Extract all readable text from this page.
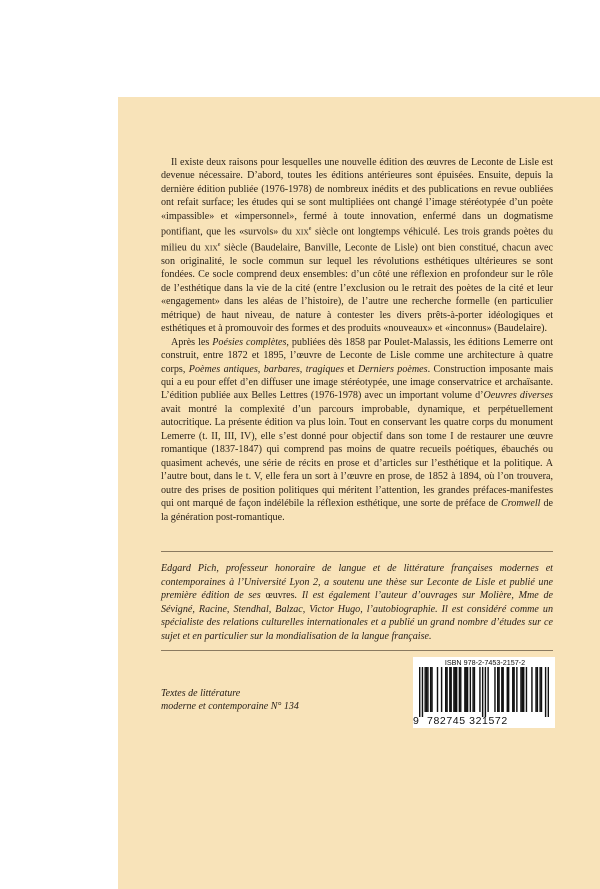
Il existe deux raisons pour lesquelles une nouvelle édition des œuvres de Leconte de Lisle est devenue nécessaire. D’abord, toutes les éditions antérieures sont épuisées. Ensuite, depuis la dernière édition publiée (1976-1978) de nombreux inédits et des publications en revue oubliées ont refait surface; les études qui se sont multipliées ont changé l’image stéréotypée d’un poète «impassible» et «impersonnel», fermé à toute innovation, enfermé dans un dogmatisme pontifiant, que les «survols» du XIXe siècle ont longtemps véhiculé. Les trois grands poètes du milieu du XIXe siècle (Baudelaire, Banville, Leconte de Lisle) ont bien constitué, chacun avec son originalité, le socle commun sur lequel les révolutions esthétiques ultérieures se sont fondées. Ce socle comprend deux ensembles: d’un côté une réflexion en profondeur sur le rôle de l’esthétique dans la vie de la cité (entre l’exclusion ou le retrait des poètes de la cité et leur «engagement» dans les aléas de l’histoire), de l’autre une recherche formelle (en particulier métrique) de haut niveau, de nature à contester les divers prêts-à-porter idéologiques et esthétiques et à promouvoir des formes et des produits «nouveaux» et «inconnus» (Baudelaire).

Après les Poésies complètes, publiées dès 1858 par Poulet-Malassis, les éditions Lemerre ont construit, entre 1872 et 1895, l’œuvre de Leconte de Lisle comme une architecture à quatre corps, Poèmes antiques, barbares, tragiques et Derniers poèmes. Construction imposante mais qui a eu pour effet d’en diffuser une image stéréotypée, une image conservatrice et archaïsante. L’édition publiée aux Belles Lettres (1976-1978) avec un important volume d’Oeuvres diverses avait montré la complexité d’un parcours improbable, dynamique, et perpétuellement autocritique. La présente édition va plus loin. Tout en conservant les quatre corps du monument Lemerre (t. II, III, IV), elle s’est donné pour objectif dans son tome I de restaurer une œuvre romantique (1837-1847) qui comprend pas moins de quatre recueils poétiques, ébauchés ou quasiment achevés, une série de récits en prose et d’articles sur l’esthétique et la politique. A l’autre bout, dans le t. V, elle fera un sort à l’œuvre en prose, de 1852 à 1894, où l’on trouvera, outre des prises de position politiques qui méritent l’attention, les grandes préfaces-manifestes qui ont marqué de façon indélébile la réflexion esthétique, une sorte de préface de Cromwell de la génération post-romantique.

Edgard Pich, professeur honoraire de langue et de littérature françaises modernes et contemporaines à l’Université Lyon 2, a soutenu une thèse sur Leconte de Lisle et publié une première édition de ses œuvres. Il est également l’auteur d’ouvrages sur Molière, Mme de Sévigné, Racine, Stendhal, Balzac, Victor Hugo, l’autobiographie. Il est considéré comme un spécialiste des relations culturelles internationales et a publié un grand nombre d’études sur ce sujet et en particulier sur la mondialisation de la langue française.
Textes de littérature
moderne et contemporaine N° 134
ISBN 978-2-7453-2157-2
9 782745 321572
